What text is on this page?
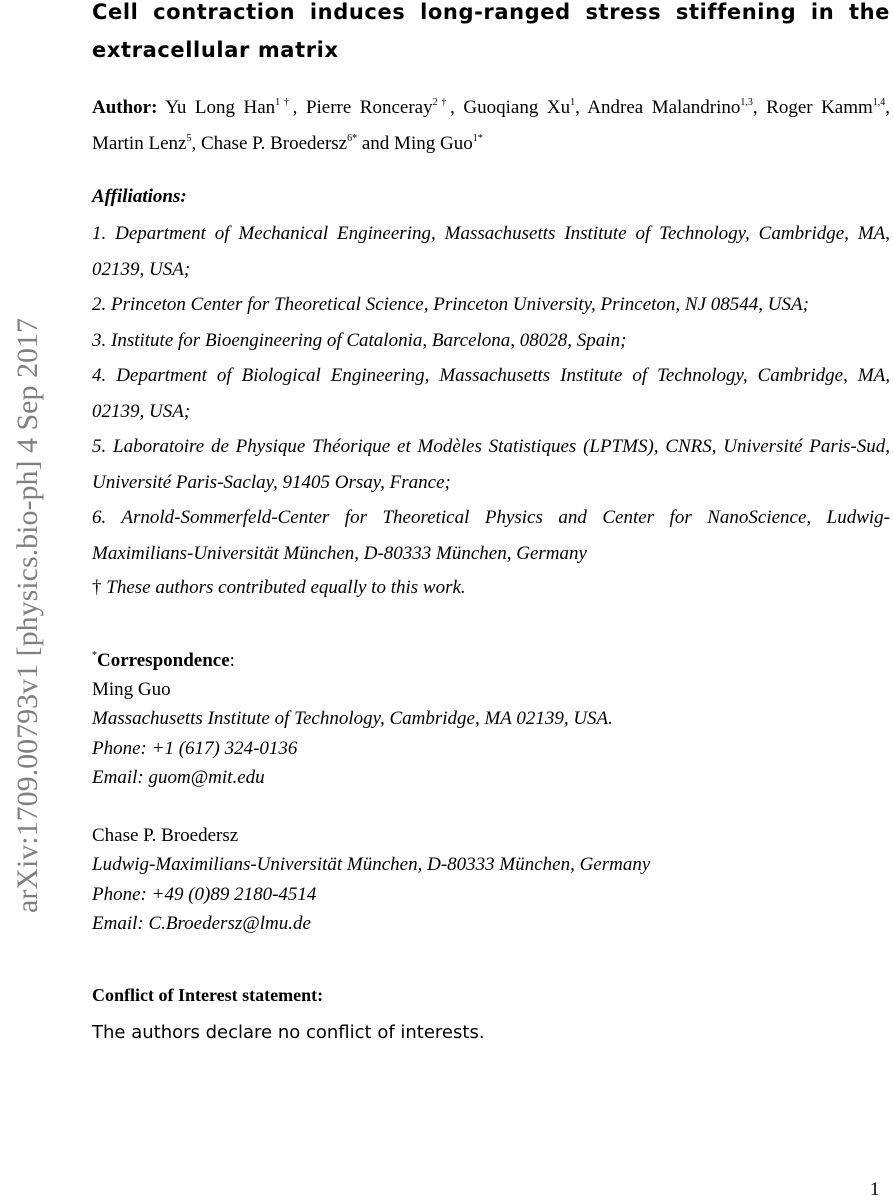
arXiv:1709.00793v1 [physics.bio-ph] 4 Sep 2017
Cell contraction induces long-ranged stress stiffening in the extracellular matrix

Author: Yu Long Han$^{1\dagger}$, Pierre Ronceray$^{2\dagger}$, Guoqiang Xu$^1$, Andrea Malandrino$^{1,3}$, Roger Kamm$^{1,4}$, Martin Lenz$^5$, Chase P. Broedersz$^{6*}$ and Ming Guo$^{1*}$

Affiliations:
1. Department of Mechanical Engineering, Massachusetts Institute of Technology, Cambridge, MA, 02139, USA;
2. Princeton Center for Theoretical Science, Princeton University, Princeton, NJ 08544, USA;
3. Institute for Bioengineering of Catalonia, Barcelona, 08028, Spain;
4. Department of Biological Engineering, Massachusetts Institute of Technology, Cambridge, MA, 02139, USA;
5. Laboratoire de Physique Théorique et Modèles Statistiques (LPTMS), CNRS, Université Paris-Sud, Université Paris-Saclay, 91405 Orsay, France;
6. Arnold-Sommerfeld-Center for Theoretical Physics and Center for NanoScience, Ludwig-Maximilians-Universität München, D-80333 München, Germany

† These authors contributed equally to this work.

*Correspondence:

Ming Guo
Massachusetts Institute of Technology, Cambridge, MA 02139, USA.
Phone: +1 (617) 324-0136
Email: guom@mit.edu
Chase P. Broedersz
Ludwig-Maximilians-Universität München, D-80333 München, Germany
Phone: +49 (0)89 2180-4514
Email: C.Broedersz@lmu.de
Conflict of Interest statement:

The authors declare no conflict of interests.

1
